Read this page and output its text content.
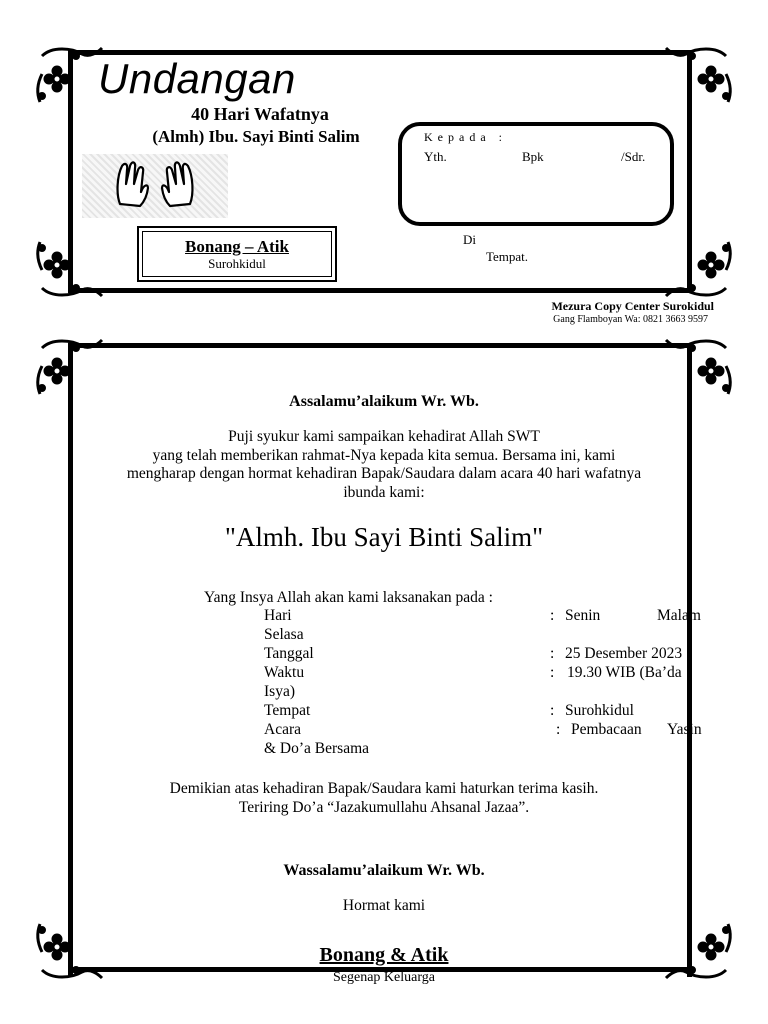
Undangan
40 Hari Wafatnya
(Almh) Ibu. Sayi Binti Salim
Bonang – Atik
Surohkidul
K e p a d a   :
Yth.	Bpk	/Sdr.
Di
Tempat.
Mezura Copy Center Surokidul
Gang Flamboyan Wa: 0821 3663 9597
Assalamu’alaikum Wr. Wb.
Puji syukur kami sampaikan kehadirat Allah SWT
yang telah memberikan rahmat-Nya kepada kita semua. Bersama ini, kami
mengharap dengan hormat kehadiran Bapak/Saudara dalam acara 40 hari wafatnya
ibunda kami:
"Almh. Ibu Sayi Binti Salim"
Yang Insya Allah akan kami laksanakan pada :
Hari	: Senin	Malam
Selasa
Tanggal	: 25 Desember 2023
Waktu	: 19.30 WIB (Ba’da
Isya)
Tempat	: Surohkidul
Acara	: Pembacaan Yasin
& Do’a Bersama
Demikian atas kehadiran Bapak/Saudara kami haturkan terima kasih.
Teriring Do’a “Jazakumullahu Ahsanal Jazaa”.
Wassalamu’alaikum Wr. Wb.
Hormat kami
Segenap Keluarga
Bonang & Atik
